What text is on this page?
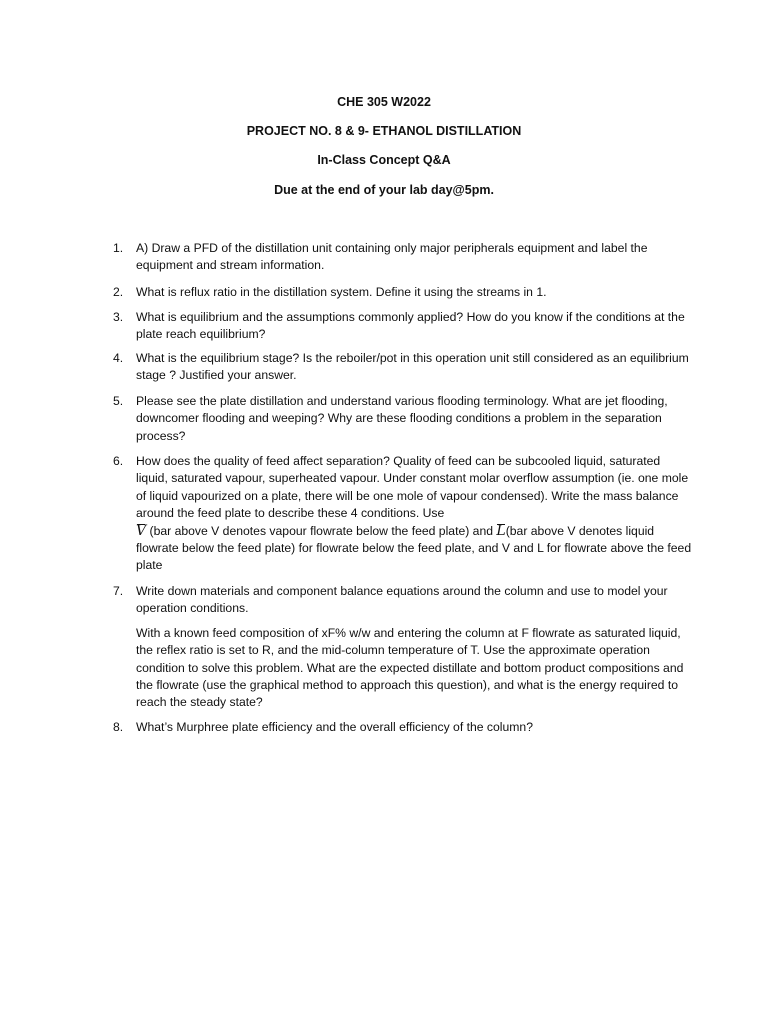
CHE 305 W2022
PROJECT NO. 8 & 9- ETHANOL DISTILLATION
In-Class Concept Q&A
Due at the end of your lab day@5pm.
1.	A) Draw a PFD of the distillation unit containing only major peripherals equipment and label the equipment and stream information.

2.	What is reflux ratio in the distillation system. Define it using the streams in 1.

3.	What is equilibrium and the assumptions commonly applied? How do you know if the conditions at the plate reach equilibrium?

4.	What is the equilibrium stage? Is the reboiler/pot in this operation unit still considered as an equilibrium stage ? Justified your answer.

5.	Please see the plate distillation and understand various flooding terminology. What are jet flooding, downcomer flooding and weeping? Why are these flooding conditions a problem in the separation process?

6.	How does the quality of feed affect separation? Quality of feed can be subcooled liquid, saturated liquid, saturated vapour, superheated vapour. Under constant molar overflow assumption (ie. one mole of liquid vapourized on a plate, there will be one mole of vapour condensed). Write the mass balance around the feed plate to describe these 4 conditions. Use

V (bar above V denotes vapour flowrate below the feed plate) and
L(bar above V denotes liquid flowrate below the feed plate) for flowrate below the feed plate, and V and L for flowrate above the feed plate

7.	Write down materials and component balance equations around the column and use to model your operation conditions.

With a known feed composition of xF% w/w and entering the column at F flowrate as saturated liquid, the reflex ratio is set to R, and the mid-column temperature of T. Use the approximate operation condition to solve this problem. What are the expected distillate and bottom product compositions and the flowrate (use the graphical method to approach this question), and what is the energy required to reach the steady state?

8.	What’s Murphree plate efficiency and the overall efficiency of the column?
